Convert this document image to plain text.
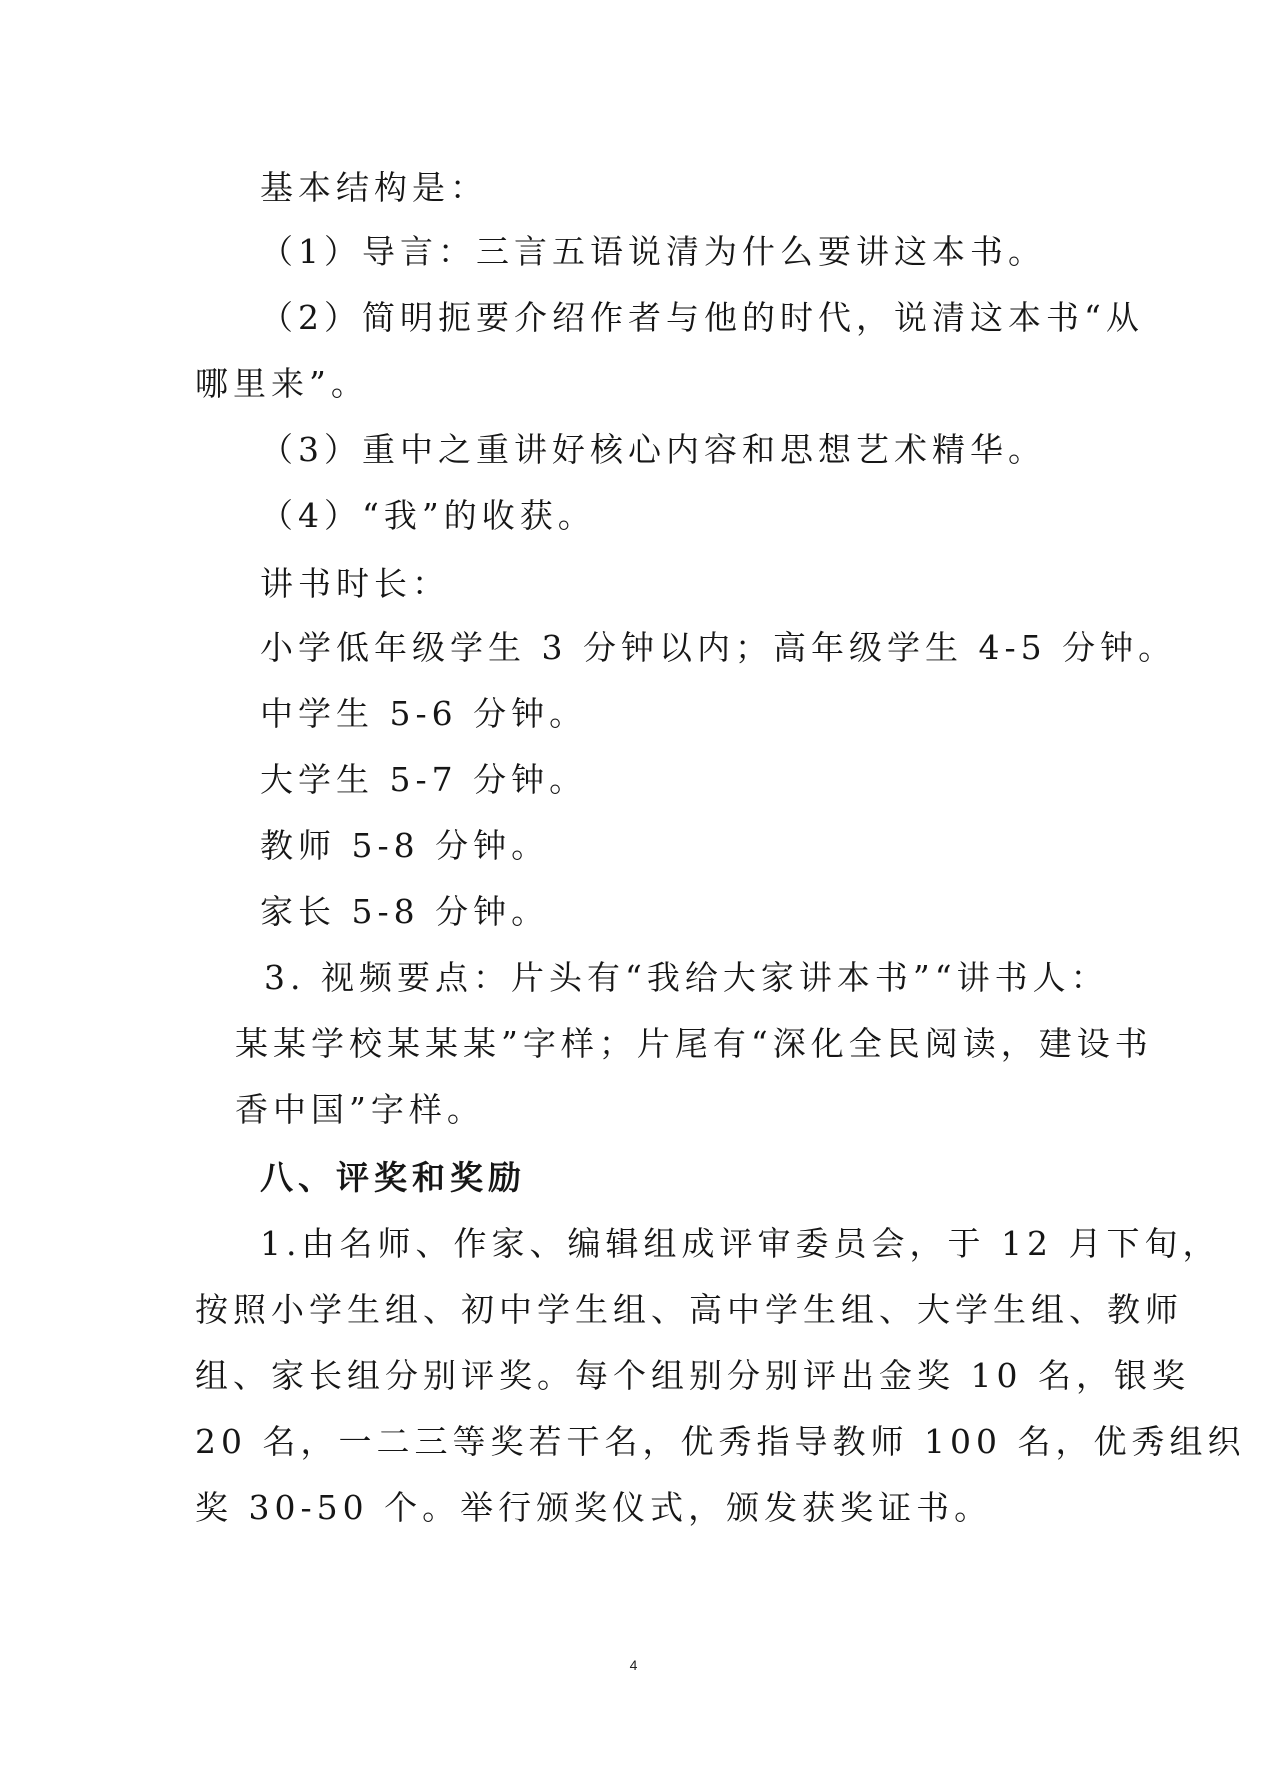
基本结构是：
（1）导言：三言五语说清为什么要讲这本书。
（2）简明扼要介绍作者与他的时代，说清这本书“从
哪里来”。
（3）重中之重讲好核心内容和思想艺术精华。
（4）“我”的收获。
讲书时长：
小学低年级学生 3 分钟以内；高年级学生 4-5 分钟。
中学生 5-6 分钟。
大学生 5-7 分钟。
教师 5-8 分钟。
家长 5-8 分钟。
3. 视频要点：片头有“我给大家讲本书”“讲书人：
某某学校某某某”字样；片尾有“深化全民阅读，建设书
香中国”字样。
八、评奖和奖励
1.由名师、作家、编辑组成评审委员会，于 12 月下旬，
按照小学生组、初中学生组、高中学生组、大学生组、教师
组、家长组分别评奖。每个组别分别评出金奖 10 名，银奖
20 名，一二三等奖若干名，优秀指导教师 100 名，优秀组织
奖 30-50 个。举行颁奖仪式，颁发获奖证书。
4
